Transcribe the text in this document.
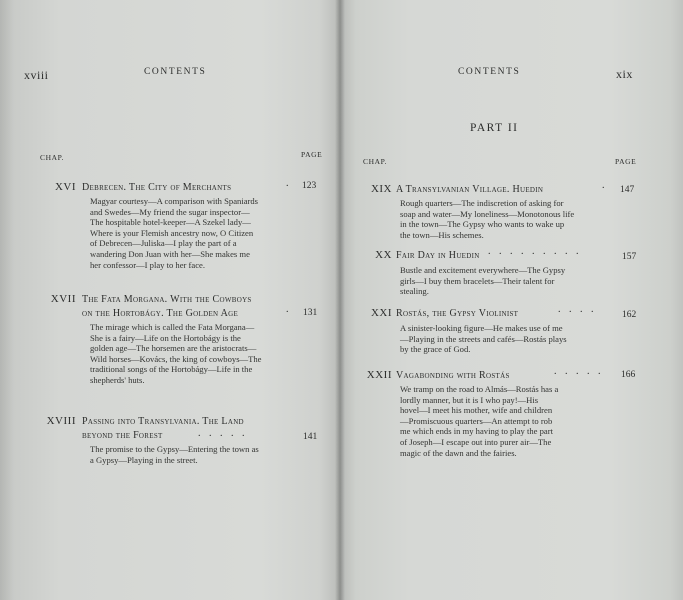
xviii	CONTENTS
CHAP.	PAGE
XVI Debrecen. The City of Merchants	. 123
Magyar courtesy—A comparison with Spaniards
and Swedes—My friend the sugar inspector—
The hospitable hotel-keeper—A Szekel lady—
Where is your Flemish ancestry now, O Citizen
of Debrecen—Juliska—I play the part of a
wandering Don Juan with her—She makes me
her confessor—I play to her face.
XVII The Fata Morgana. With the Cowboys
on the Hortobágy. The Golden Age	. 131
The mirage which is called the Fata Morgana—
She is a fairy—Life on the Hortobágy is the
golden age—The horsemen are the aristocrats—
Wild horses—Kovács, the king of cowboys—The
traditional songs of the Hortobágy—Life in the
shepherds' huts.
XVIII Passing into Transylvania. The Land
beyond the Forest	. . . . .	141
The promise to the Gypsy—Entering the town as
a Gypsy—Playing in the street.
CONTENTS	xix
PART II
CHAP.	PAGE
XIX A Transylvanian Village. Huedin	. 147
Rough quarters—The indiscretion of asking for
soap and water—My loneliness—Monotonous life
in the town—The Gypsy who wants to wake up
the town—His schemes.
XX Fair Day in Huedin . . . . . . . . .	157
Bustle and excitement everywhere—The Gypsy
girls—I buy them bracelets—Their talent for
stealing.
XXI Rostás, the Gypsy Violinist	. . . .	162
A sinister-looking figure—He makes use of me
—Playing in the streets and cafés—Rostás plays
by the grace of God.
XXII Vagabonding with Rostás	. . . . . 166
We tramp on the road to Almás—Rostás has a
lordly manner, but it is I who pay!—His
hovel—I meet his mother, wife and children
—Promiscuous quarters—An attempt to rob
me which ends in my having to play the part
of Joseph—I escape out into purer air—The
magic of the dawn and the fairies.
